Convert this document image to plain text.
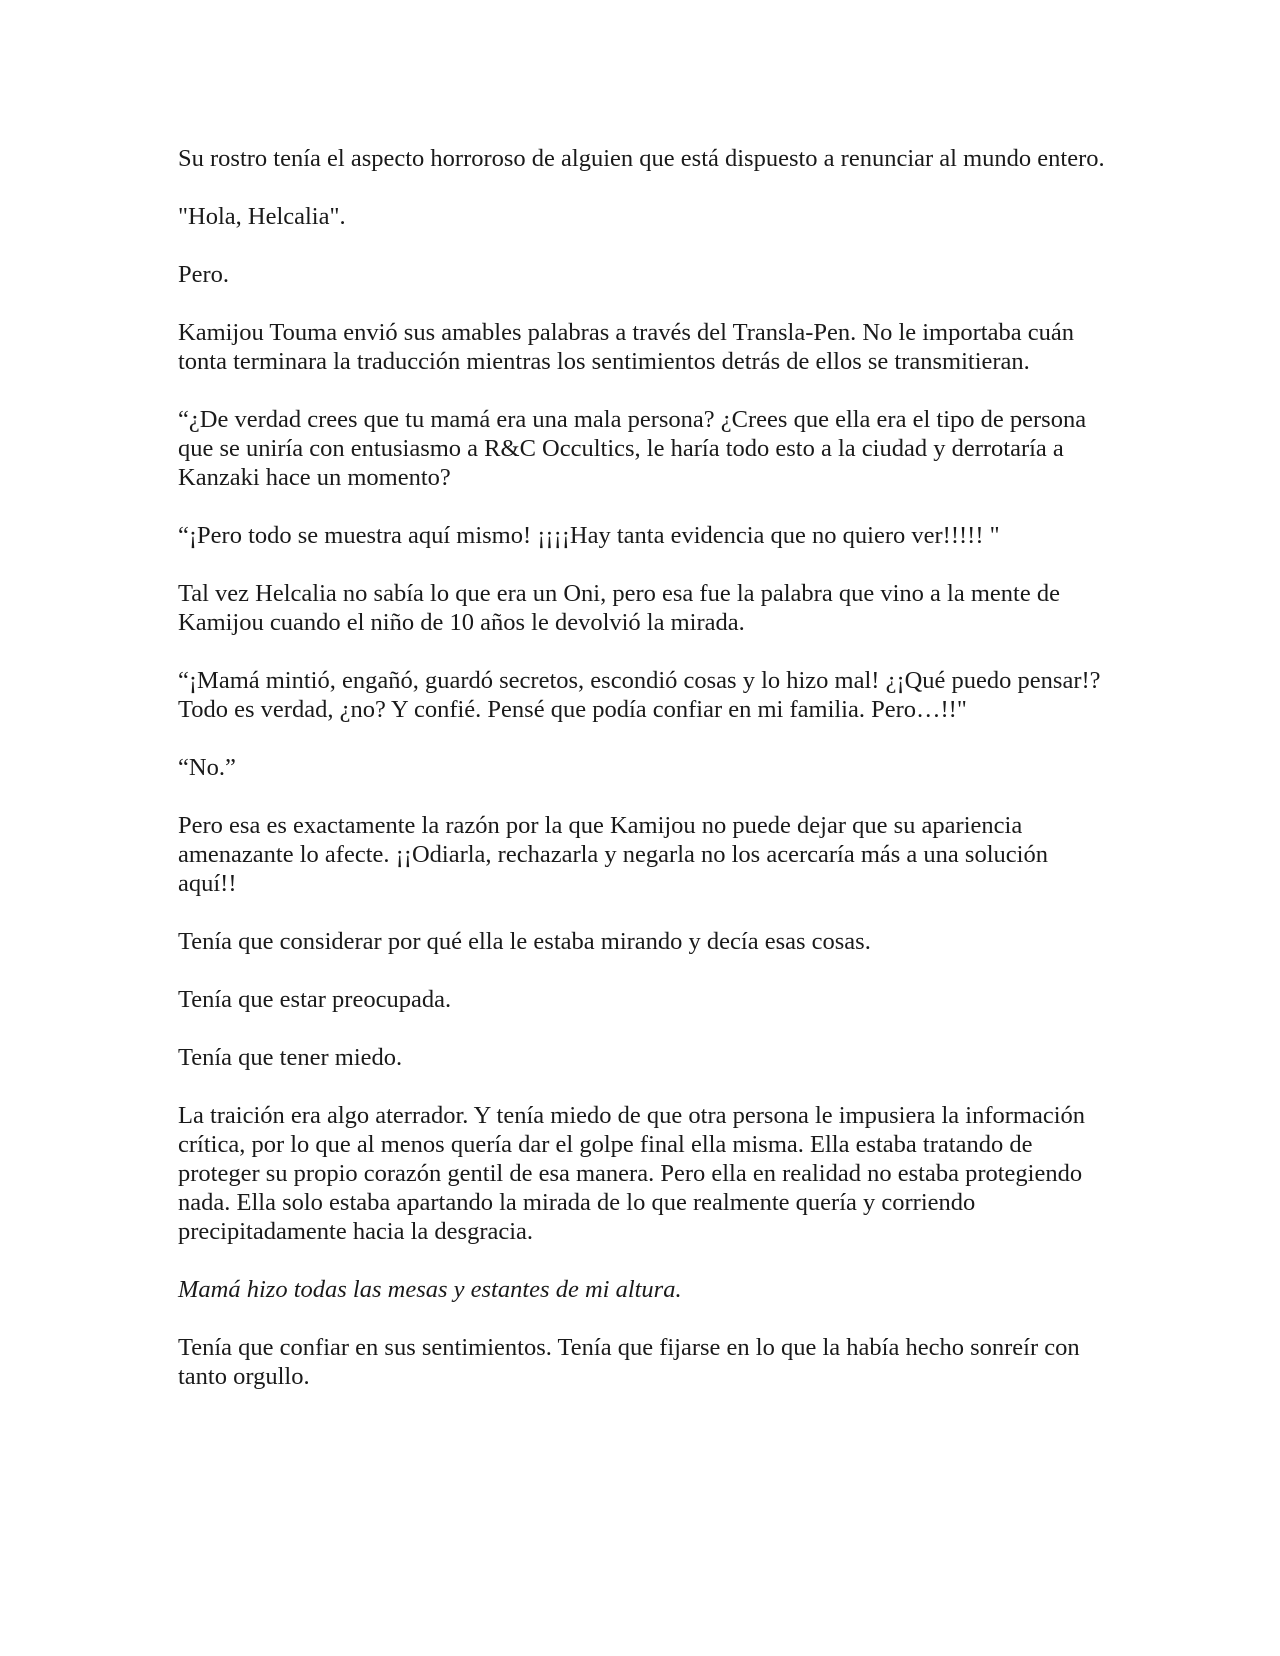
Su rostro tenía el aspecto horroroso de alguien que está dispuesto a renunciar al mundo entero.

"Hola, Helcalia".

Pero.

Kamijou Touma envió sus amables palabras a través del Transla-Pen. No le importaba cuán tonta terminara la traducción mientras los sentimientos detrás de ellos se transmitieran.

“¿De verdad crees que tu mamá era una mala persona? ¿Crees que ella era el tipo de persona que se uniría con entusiasmo a R&C Occultics, le haría todo esto a la ciudad y derrotaría a Kanzaki hace un momento?

“¡Pero todo se muestra aquí mismo! ¡¡¡¡Hay tanta evidencia que no quiero ver!!!!! "

Tal vez Helcalia no sabía lo que era un Oni, pero esa fue la palabra que vino a la mente de Kamijou cuando el niño de 10 años le devolvió la mirada.

“¡Mamá mintió, engañó, guardó secretos, escondió cosas y lo hizo mal! ¿¡Qué puedo pensar!? Todo es verdad, ¿no? Y confié. Pensé que podía confiar en mi familia. Pero…!!"

“No.”

Pero esa es exactamente la razón por la que Kamijou no puede dejar que su apariencia amenazante lo afecte. ¡¡Odiarla, rechazarla y negarla no los acercaría más a una solución aquí!!

Tenía que considerar por qué ella le estaba mirando y decía esas cosas.

Tenía que estar preocupada.

Tenía que tener miedo.

La traición era algo aterrador. Y tenía miedo de que otra persona le impusiera la información crítica, por lo que al menos quería dar el golpe final ella misma. Ella estaba tratando de proteger su propio corazón gentil de esa manera. Pero ella en realidad no estaba protegiendo nada. Ella solo estaba apartando la mirada de lo que realmente quería y corriendo precipitadamente hacia la desgracia.

Mamá hizo todas las mesas y estantes de mi altura.

Tenía que confiar en sus sentimientos. Tenía que fijarse en lo que la había hecho sonreír con tanto orgullo.
